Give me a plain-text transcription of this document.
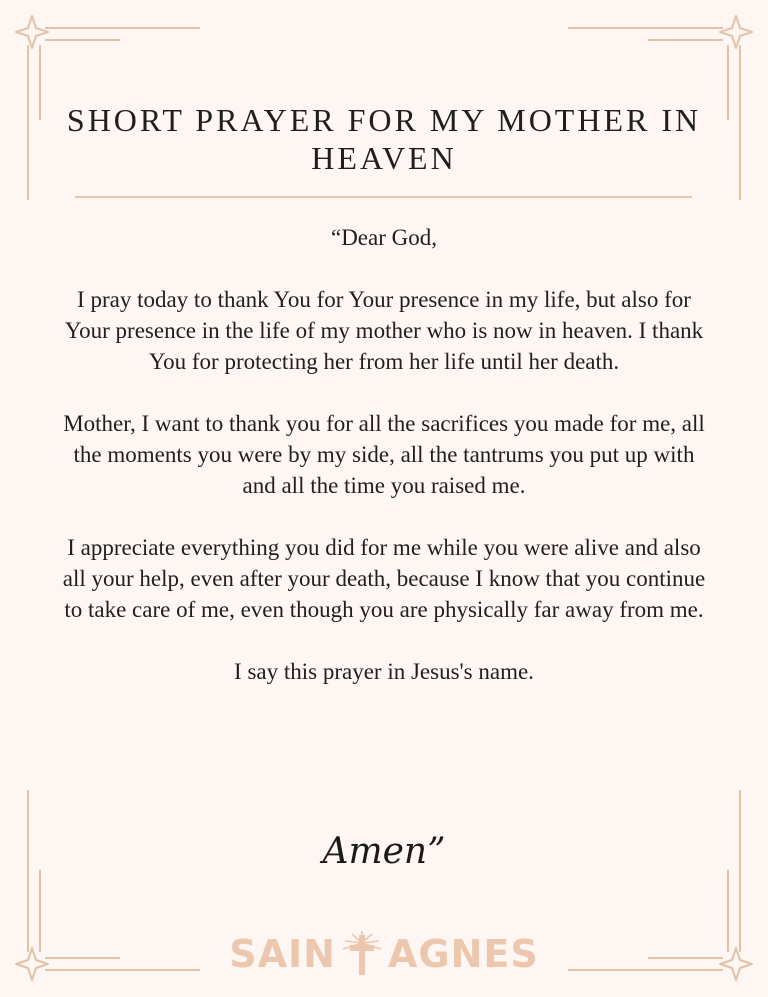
SHORT PRAYER FOR MY MOTHER IN HEAVEN

“Dear God,

I pray today to thank You for Your presence in my life, but also for Your presence in the life of my mother who is now in heaven. I thank You for protecting her from her life until her death.

Mother, I want to thank you for all the sacrifices you made for me, all the moments you were by my side, all the tantrums you put up with and all the time you raised me.

I appreciate everything you did for me while you were alive and also all your help, even after your death, because I know that you continue to take care of me, even though you are physically far away from me.

I say this prayer in Jesus's name.

Amen”
SAIN AGNES
